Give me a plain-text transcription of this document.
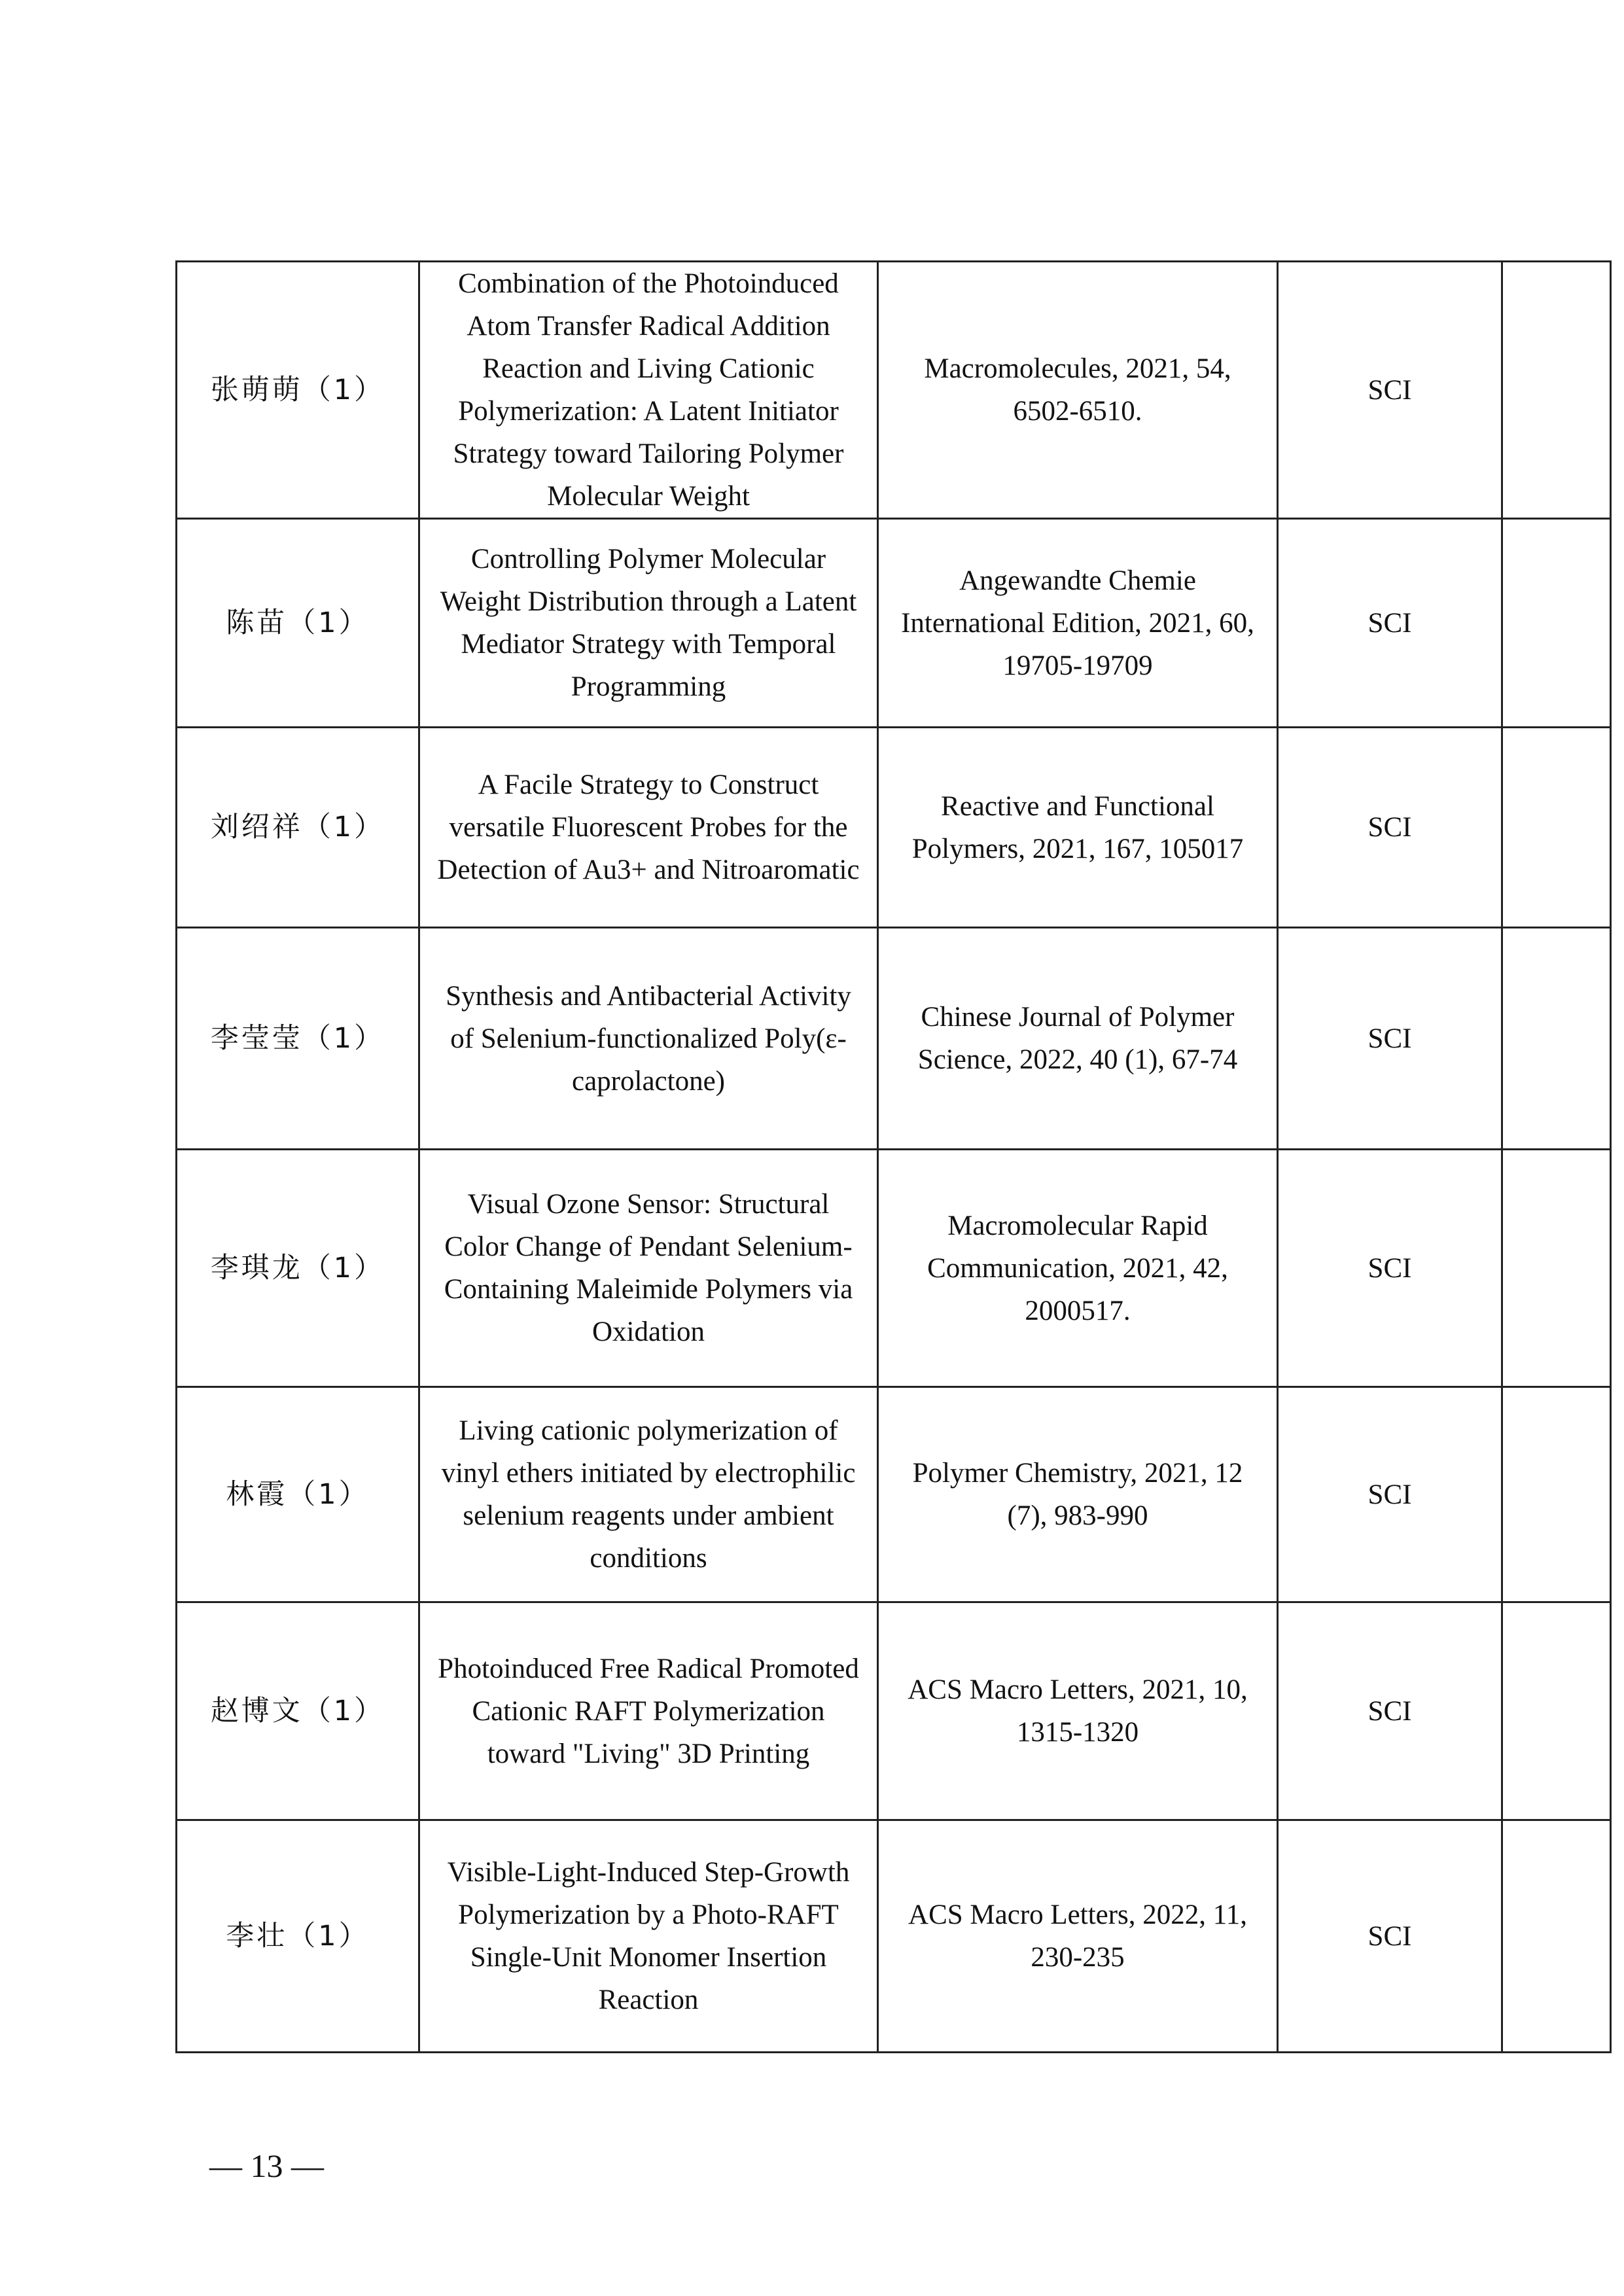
张萌萌（1）	Combination of the Photoinduced Atom Transfer Radical Addition Reaction and Living Cationic Polymerization: A Latent Initiator Strategy toward Tailoring Polymer Molecular Weight	Macromolecules, 2021, 54, 6502-6510.	SCI	
陈苗（1）	Controlling Polymer Molecular Weight Distribution through a Latent Mediator Strategy with Temporal Programming	Angewandte Chemie International Edition, 2021, 60, 19705-19709	SCI	
刘绍祥（1）	A Facile Strategy to Construct versatile Fluorescent Probes for the Detection of Au3+ and Nitroaromatic	Reactive and Functional Polymers, 2021, 167, 105017	SCI	
李莹莹（1）	Synthesis and Antibacterial Activity of Selenium-functionalized Poly(ε-caprolactone)	Chinese Journal of Polymer Science, 2022, 40 (1), 67-74	SCI	
李琪龙（1）	Visual Ozone Sensor: Structural Color Change of Pendant Selenium-Containing Maleimide Polymers via Oxidation	Macromolecular Rapid Communication, 2021, 42, 2000517.	SCI	
林霞（1）	Living cationic polymerization of vinyl ethers initiated by electrophilic selenium reagents under ambient conditions	Polymer Chemistry, 2021, 12 (7), 983-990	SCI	
赵博文（1）	Photoinduced Free Radical Promoted Cationic RAFT Polymerization toward "Living" 3D Printing	ACS Macro Letters, 2021, 10, 1315-1320	SCI	
李壮（1）	Visible-Light-Induced Step-Growth Polymerization by a Photo-RAFT Single-Unit Monomer Insertion Reaction	ACS Macro Letters, 2022, 11, 230-235	SCI	
— 13 —
